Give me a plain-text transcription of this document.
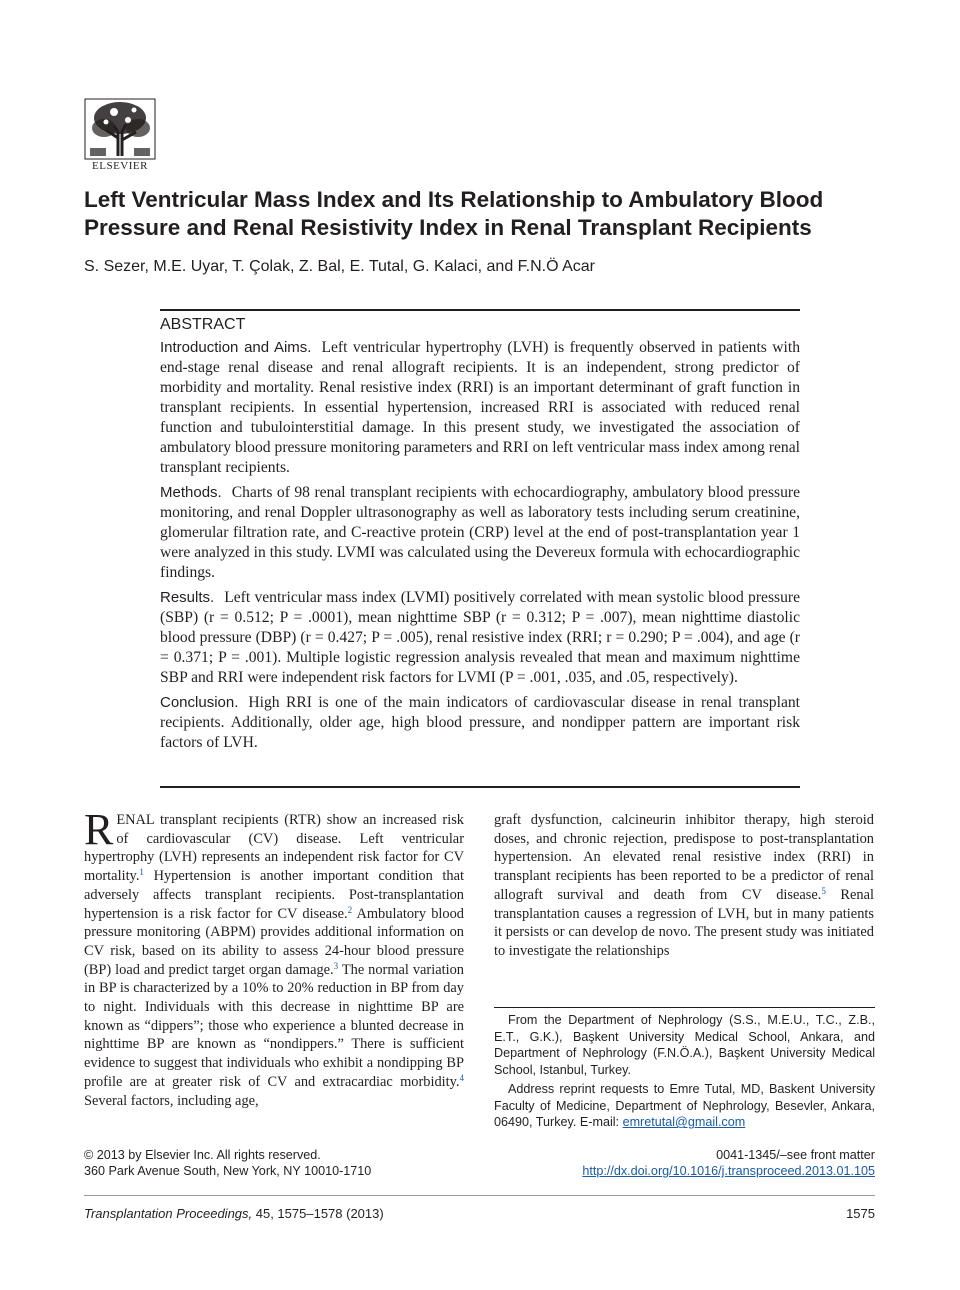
ELSEVIER
Left Ventricular Mass Index and Its Relationship to Ambulatory Blood Pressure and Renal Resistivity Index in Renal Transplant Recipients
S. Sezer, M.E. Uyar, T. Çolak, Z. Bal, E. Tutal, G. Kalaci, and F.N.Ö Acar
ABSTRACT

Introduction and Aims. Left ventricular hypertrophy (LVH) is frequently observed in patients with end-stage renal disease and renal allograft recipients. It is an independent, strong predictor of morbidity and mortality. Renal resistive index (RRI) is an important determinant of graft function in transplant recipients. In essential hypertension, increased RRI is associated with reduced renal function and tubulointerstitial damage. In this present study, we investigated the association of ambulatory blood pressure monitoring parameters and RRI on left ventricular mass index among renal transplant recipients.

Methods. Charts of 98 renal transplant recipients with echocardiography, ambulatory blood pressure monitoring, and renal Doppler ultrasonography as well as laboratory tests including serum creatinine, glomerular filtration rate, and C-reactive protein (CRP) level at the end of post-transplantation year 1 were analyzed in this study. LVMI was calculated using the Devereux formula with echocardiographic findings.

Results. Left ventricular mass index (LVMI) positively correlated with mean systolic blood pressure (SBP) (r = 0.512; P = .0001), mean nighttime SBP (r = 0.312; P = .007), mean nighttime diastolic blood pressure (DBP) (r = 0.427; P = .005), renal resistive index (RRI; r = 0.290; P = .004), and age (r = 0.371; P = .001). Multiple logistic regression analysis revealed that mean and maximum nighttime SBP and RRI were independent risk factors for LVMI (P = .001, .035, and .05, respectively).

Conclusion. High RRI is one of the main indicators of cardiovascular disease in renal transplant recipients. Additionally, older age, high blood pressure, and nondipper pattern are important risk factors of LVH.

RENAL transplant recipients (RTR) show an increased risk of cardiovascular (CV) disease. Left ventricular hypertrophy (LVH) represents an independent risk factor for CV mortality.$^1$ Hypertension is another important condition that adversely affects transplant recipients. Post-transplantation hypertension is a risk factor for CV disease.$^2$ Ambulatory blood pressure monitoring (ABPM) provides additional information on CV risk, based on its ability to assess 24-hour blood pressure (BP) load and predict target organ damage.$^3$ The normal variation in BP is characterized by a 10% to 20% reduction in BP from day to night. Individuals with this decrease in nighttime BP are known as “dippers”; those who experience a blunted decrease in nighttime BP are known as “nondippers.” There is sufficient evidence to suggest that individuals who exhibit a nondipping BP profile are at greater risk of CV and extracardiac morbidity.$^4$ Several factors, including age,

graft dysfunction, calcineurin inhibitor therapy, high steroid doses, and chronic rejection, predispose to post-transplantation hypertension. An elevated renal resistive index (RRI) in transplant recipients has been reported to be a predictor of renal allograft survival and death from CV disease.$^5$ Renal transplantation causes a regression of LVH, but in many patients it persists or can develop de novo. The present study was initiated to investigate the relationships

From the Department of Nephrology (S.S., M.E.U., T.C., Z.B., E.T., G.K.), Başkent University Medical School, Ankara, and Department of Nephrology (F.N.Ö.A.), Başkent University Medical School, Istanbul, Turkey.

Address reprint requests to Emre Tutal, MD, Baskent University Faculty of Medicine, Department of Nephrology, Besevler, Ankara, 06490, Turkey. E-mail: emretutal@gmail.com

© 2013 by Elsevier Inc. All rights reserved.
360 Park Avenue South, New York, NY 10010-1710
0041-1345/–see front matter
http://dx.doi.org/10.1016/j.transproceed.2013.01.105
Transplantation Proceedings, 45, 1575–1578 (2013)	1575
